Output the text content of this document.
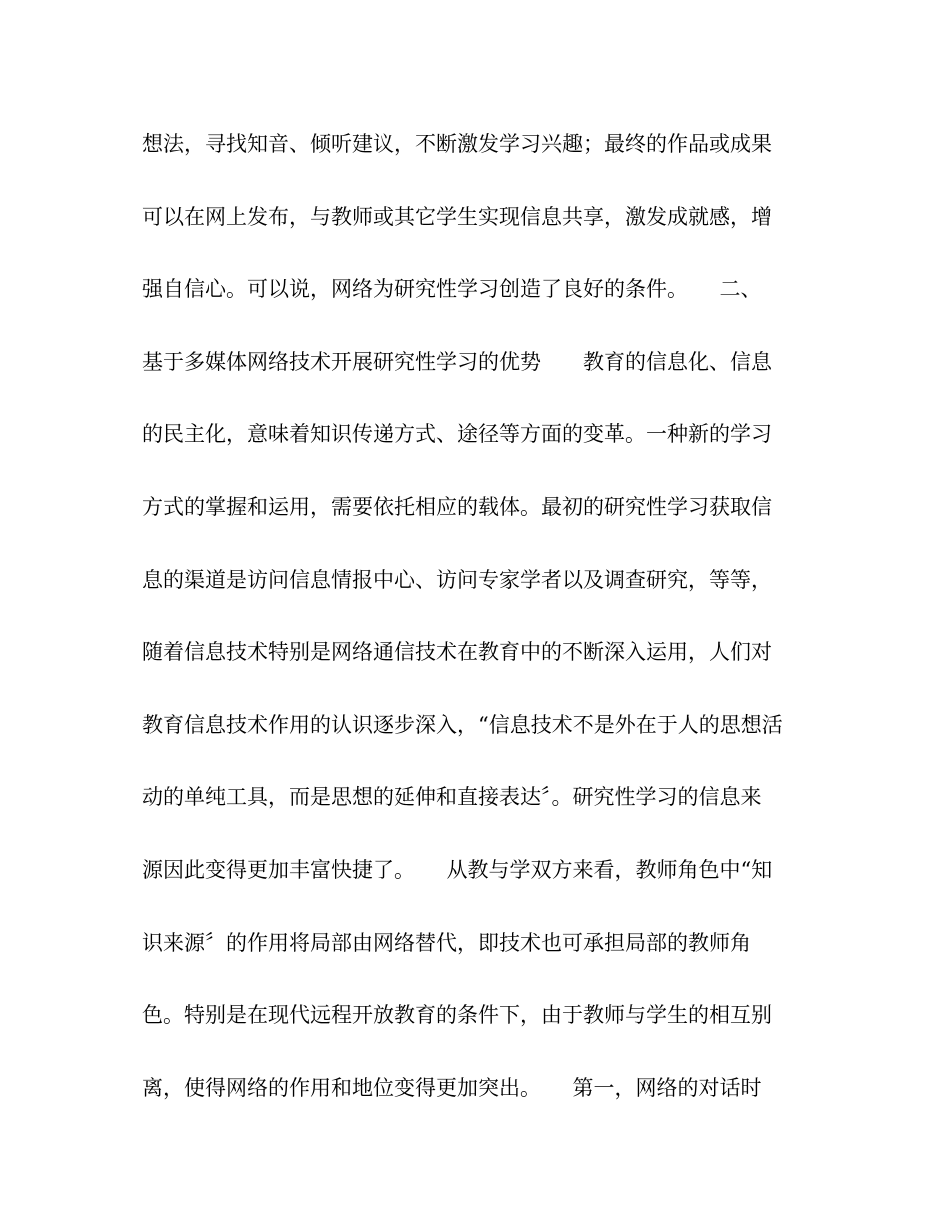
想法，寻找知音、倾听建议，不断激发学习兴趣；最终的作品或成果
可以在网上发布，与教师或其它学生实现信息共享，激发成就感，增
强自信心。可以说，网络为研究性学习创造了良好的条件。　　二、
基于多媒体网络技术开展研究性学习的优势　　教育的信息化、信息
的民主化，意味着知识传递方式、途径等方面的变革。一种新的学习
方式的掌握和运用，需要依托相应的载体。最初的研究性学习获取信
息的渠道是访问信息情报中心、访问专家学者以及调查研究，等等，
随着信息技术特别是网络通信技术在教育中的不断深入运用，人们对
教育信息技术作用的认识逐步深入，“信息技术不是外在于人的思想活
动的单纯工具，而是思想的延伸和直接表达〞。研究性学习的信息来
源因此变得更加丰富快捷了。　　从教与学双方来看，教师角色中“知
识来源〞的作用将局部由网络替代，即技术也可承担局部的教师角
色。特别是在现代远程开放教育的条件下，由于教师与学生的相互别
离，使得网络的作用和地位变得更加突出。　　第一，网络的对话时
